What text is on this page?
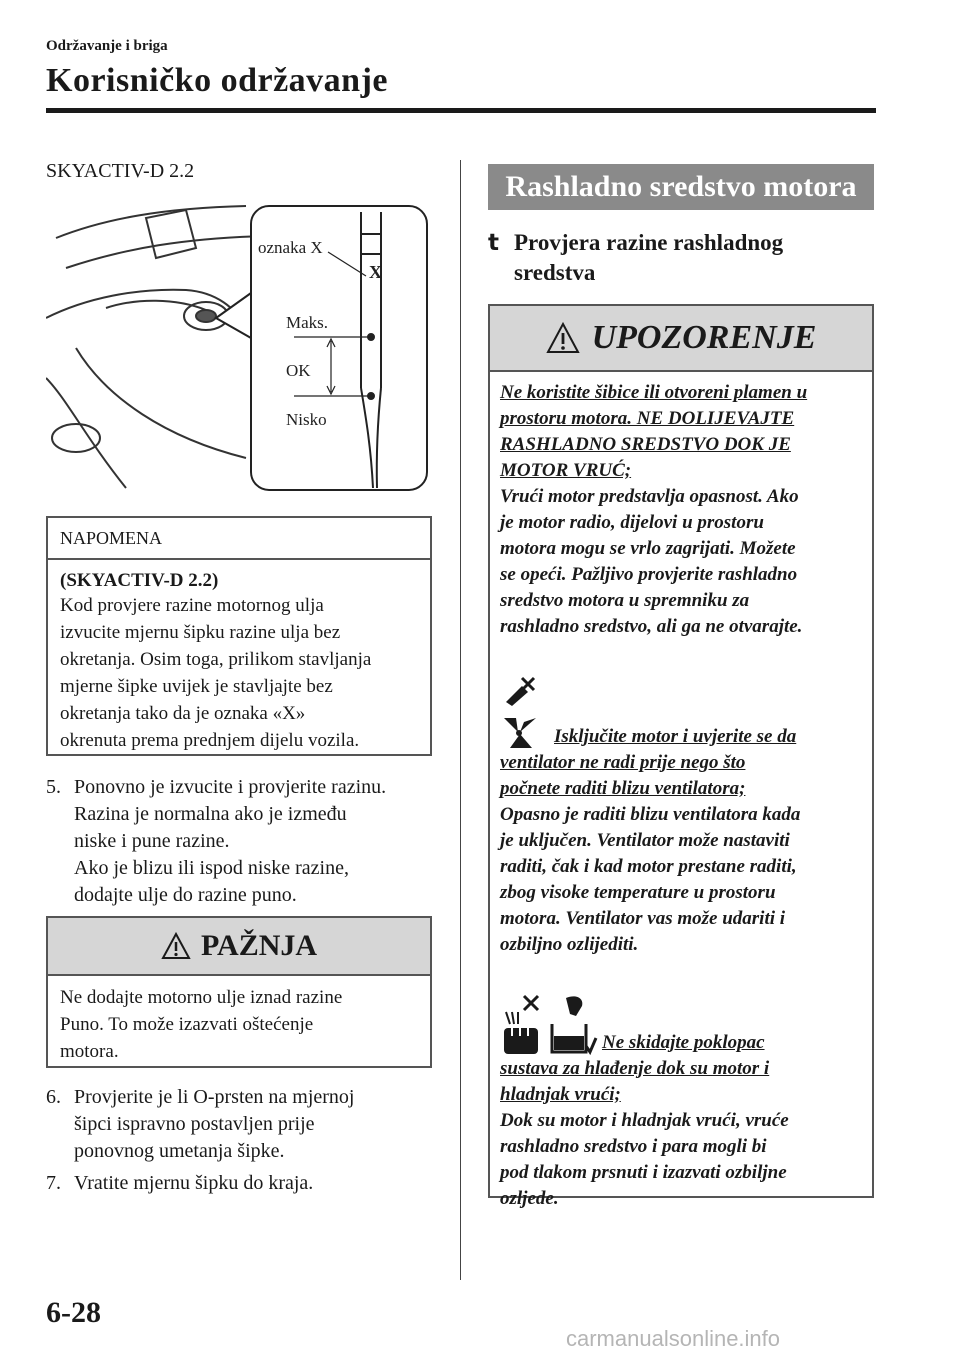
Održavanje i briga
Korisničko održavanje
SKYACTIV-D 2.2
X
oznaka X
Maks.
OK
Nisko
NAPOMENA
(SKYACTIV-D 2.2)
Kod provjere razine motornog ulja
izvucite mjernu šipku razine ulja bez
okretanja. Osim toga, prilikom stavljanja
mjerne šipke uvijek je stavljajte bez
okretanja tako da je oznaka «X»
okrenuta prema prednjem dijelu vozila.
5. Ponovno je izvucite i provjerite razinu.
Razina je normalna ako je između
niske i pune razine.
Ako je blizu ili ispod niske razine,
dodajte ulje do razine puno.
PAŽNJA
Ne dodajte motorno ulje iznad razine
Puno. To može izazvati oštećenje
motora.
6. Provjerite je li O-prsten na mjernoj
šipci ispravno postavljen prije
ponovnog umetanja šipke.
7. Vratite mjernu šipku do kraja.
Rashladno sredstvo motora
t Provjera razine rashladnog
sredstva
UPOZORENJE

Ne koristite šibice ili otvoreni plamen u

prostoru motora. NE DOLIJEVAJTE

RASHLADNO SREDSTVO DOK JE

MOTOR VRUĆ;

Vrući motor predstavlja opasnost. Ako

je motor radio, dijelovi u prostoru

motora mogu se vrlo zagrijati. Možete

se opeći. Pažljivo provjerite rashladno

sredstvo motora u spremniku za

rashladno sredstvo, ali ga ne otvarajte.

Isključite motor i uvjerite se da

ventilator ne radi prije nego što

počnete raditi blizu ventilatora;

Opasno je raditi blizu ventilatora kada

je uključen. Ventilator može nastaviti

raditi, čak i kad motor prestane raditi,

zbog visoke temperature u prostoru

motora. Ventilator vas može udariti i

ozbiljno ozlijediti.

Ne skidajte poklopac

sustava za hlađenje dok su motor i

hladnjak vrući;

Dok su motor i hladnjak vrući, vruće

rashladno sredstvo i para mogli bi

pod tlakom prsnuti i izazvati ozbiljne

ozljede.

6-28
carmanualsonline.info
